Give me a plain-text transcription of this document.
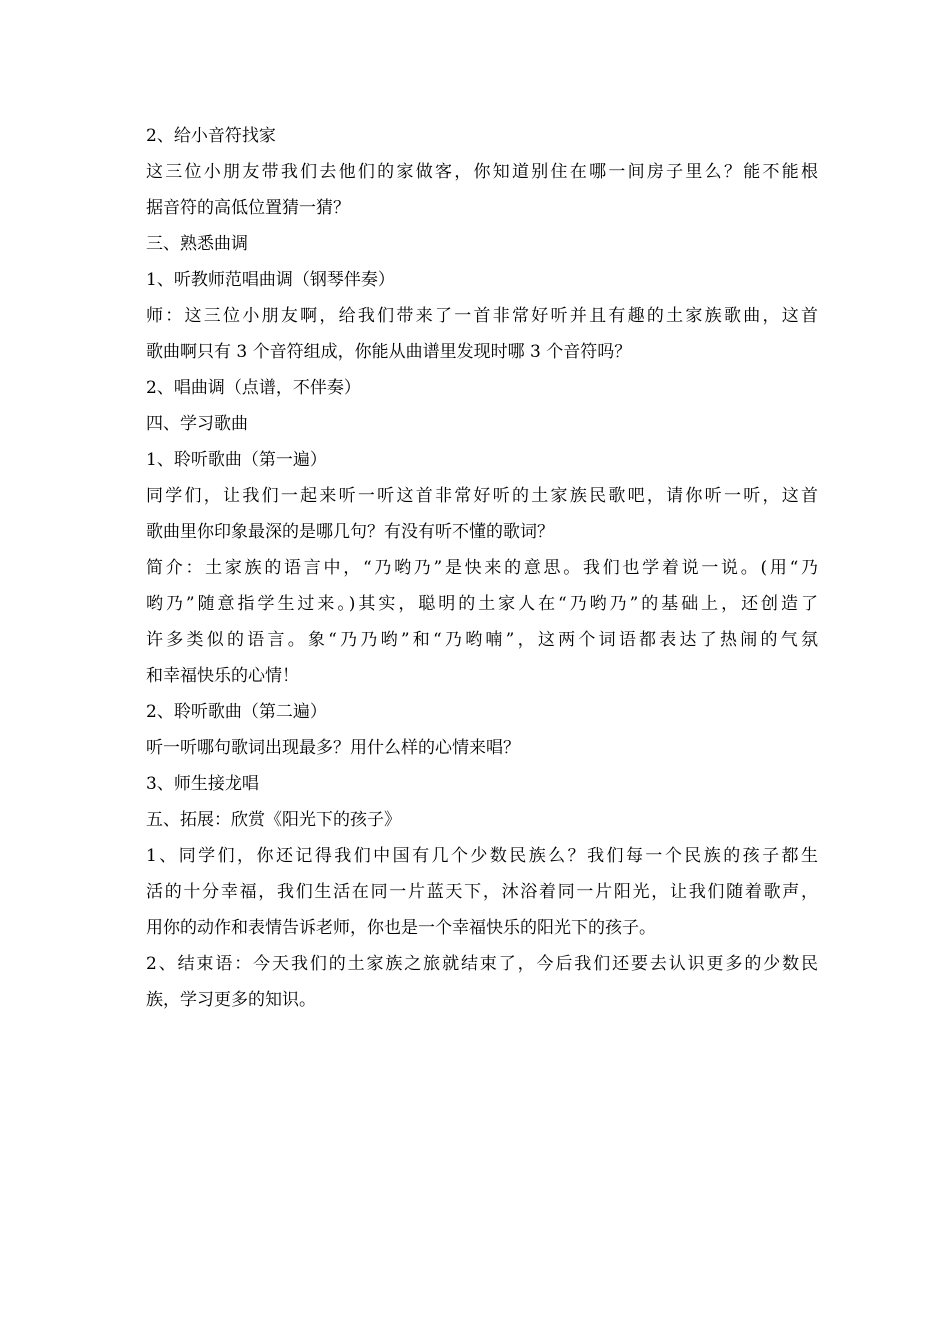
2、给小音符找家

这三位小朋友带我们去他们的家做客，你知道别住在哪一间房子里么？能不能根

据音符的高低位置猜一猜？

三、熟悉曲调

1、听教师范唱曲调（钢琴伴奏）

师：这三位小朋友啊，给我们带来了一首非常好听并且有趣的土家族歌曲，这首

歌曲啊只有 3 个音符组成，你能从曲谱里发现时哪 3 个音符吗？

2、唱曲调（点谱，不伴奏）

四、学习歌曲

1、聆听歌曲（第一遍）

同学们，让我们一起来听一听这首非常好听的土家族民歌吧，请你听一听，这首

歌曲里你印象最深的是哪几句？有没有听不懂的歌词？

简介：土家族的语言中，“乃哟乃”是快来的意思。我们也学着说一说。(用“乃

哟乃”随意指学生过来。)其实，聪明的土家人在“乃哟乃”的基础上，还创造了

许多类似的语言。象“乃乃哟”和“乃哟喃”，这两个词语都表达了热闹的气氛

和幸福快乐的心情！

2、聆听歌曲（第二遍）

听一听哪句歌词出现最多？用什么样的心情来唱？

3、师生接龙唱

五、拓展：欣赏《阳光下的孩子》

1、同学们，你还记得我们中国有几个少数民族么？我们每一个民族的孩子都生

活的十分幸福，我们生活在同一片蓝天下，沐浴着同一片阳光，让我们随着歌声，

用你的动作和表情告诉老师，你也是一个幸福快乐的阳光下的孩子。

2、结束语：今天我们的土家族之旅就结束了，今后我们还要去认识更多的少数民

族，学习更多的知识。
